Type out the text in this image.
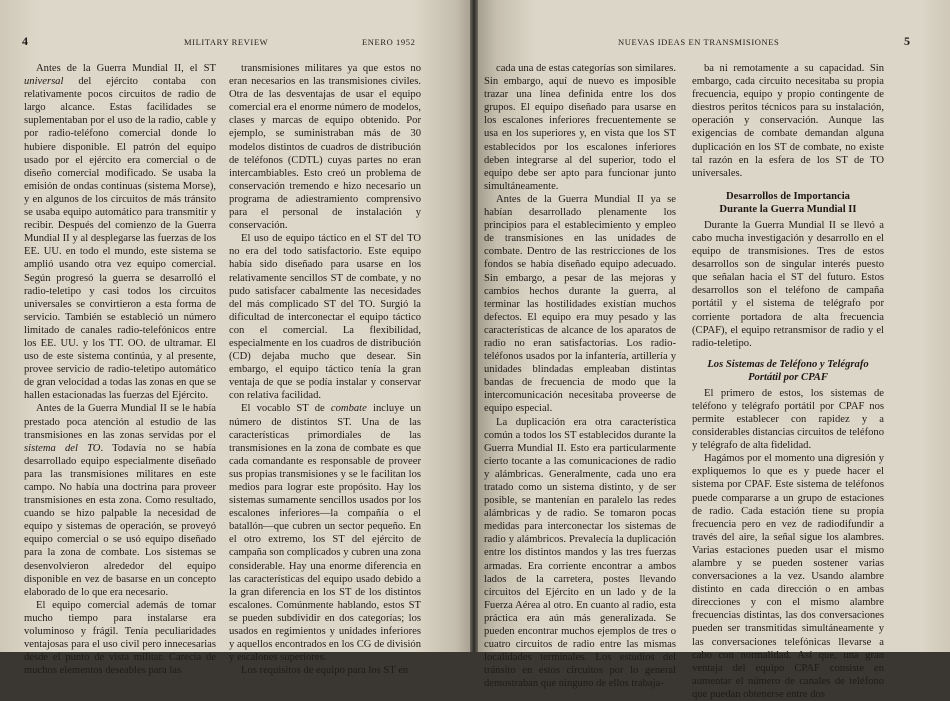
4	MILITARY REVIEW	ENERO 1952

Antes de la Guerra Mundial II, el ST universal del ejército contaba con relativamente pocos circuitos de radio de largo alcance. Estas facilidades se suplementaban por el uso de la radio, cable y por radio-teléfono comercial donde lo hubiere disponible. El patrón del equipo usado por el ejército era comercial o de diseño comercial modificado. Se usaba la emisión de ondas continuas (sistema Morse), y en algunos de los circuitos de más tránsito se usaba equipo automático para transmitir y recibir. Después del comienzo de la Guerra Mundial II y al desplegarse las fuerzas de los EE. UU. en todo el mundo, este sistema se amplió usando otra vez equipo comercial. Según progresó la guerra se desarrolló el radio-teletipo y casi todos los circuitos universales se convirtieron a esta forma de servicio. También se estableció un número limitado de canales radio-telefónicos entre los EE. UU. y los TT. OO. de ultramar. El uso de este sistema continúa, y al presente, provee servicio de radio-teletipo automático de gran velocidad a todas las zonas en que se hallen estacionadas las fuerzas del Ejército.

Antes de la Guerra Mundial II se le había prestado poca atención al estudio de las transmisiones en las zonas servidas por el sistema del TO. Todavía no se había desarrollado equipo especialmente diseñado para las transmisiones militares en este campo. No había una doctrina para proveer transmisiones en esta zona. Como resultado, cuando se hizo palpable la necesidad de equipo y sistemas de operación, se proveyó equipo comercial o se usó equipo diseñado para la zona de combate. Los sistemas se desenvolvieron alrededor del equipo disponible en vez de basarse en un concepto elaborado de lo que era necesario.

El equipo comercial además de tomar mucho tiempo para instalarse era voluminoso y frágil. Tenía peculiaridades ventajosas para el uso civil pero innecesarias desde el punto de vista militar. Carecía de muchos elementos deseables para las

transmisiones militares ya que estos no eran necesarios en las transmisiones civiles. Otra de las desventajas de usar el equipo comercial era el enorme número de modelos, clases y marcas de equipo obtenido. Por ejemplo, se suministraban más de 30 modelos distintos de cuadros de distribución de teléfonos (CDTL) cuyas partes no eran intercambiables. Esto creó un problema de conservación tremendo e hizo necesario un programa de adiestramiento comprensivo para el personal de instalación y conservación.

El uso de equipo táctico en el ST del TO no era del todo satisfactorio. Este equipo había sido diseñado para usarse en los relativamente sencillos ST de combate, y no pudo satisfacer cabalmente las necesidades del más complicado ST del TO. Surgió la dificultad de interconectar el equipo táctico con el comercial. La flexibilidad, especialmente en los cuadros de distribución (CD) dejaba mucho que desear. Sin embargo, el equipo táctico tenía la gran ventaja de que se podía instalar y conservar con relativa facilidad.

El vocablo ST de combate incluye un número de distintos ST. Una de las características primordiales de las transmisiones en la zona de combate es que cada comandante es responsable de proveer sus propias transmisiones y se le facilitan los medios para lograr este propósito. Hay los sistemas sumamente sencillos usados por los escalones inferiores—la compañía o el batallón—que cubren un sector pequeño. En el otro extremo, los ST del ejército de campaña son complicados y cubren una zona considerable. Hay una enorme diferencia en las características del equipo usado debido a la gran diferencia en los ST de los distintos escalones. Comúnmente hablando, estos ST se pueden subdividir en dos categorías; los usados en regimientos y unidades inferiores y aquellos encontrados en los CG de división y escalones superiores.

Los requisitos de equipo para los ST en

NUEVAS IDEAS EN TRANSMISIONES	5

cada una de estas categorías son similares. Sin embargo, aquí de nuevo es imposible trazar una línea definida entre los dos grupos. El equipo diseñado para usarse en los escalones inferiores frecuentemente se usa en los superiores y, en vista que los ST establecidos por los escalones inferiores deben integrarse al del superior, todo el equipo debe ser apto para funcionar junto simultáneamente.

Antes de la Guerra Mundial II ya se habían desarrollado plenamente los principios para el establecimiento y empleo de transmisiones en las unidades de combate. Dentro de las restricciones de los fondos se había diseñado equipo adecuado. Sin embargo, a pesar de las mejoras y cambios hechos durante la guerra, al terminar las hostilidades existían muchos defectos. El equipo era muy pesado y las características de alcance de los aparatos de radio no eran satisfactorias. Los radio-teléfonos usados por la infantería, artillería y unidades blindadas empleaban distintas bandas de frecuencia de modo que la intercomunicación necesitaba proveerse de equipo especial.

La duplicación era otra característica común a todos los ST establecidos durante la Guerra Mundial II. Esto era particularmente cierto tocante a las comunicaciones de radio y alámbricas. Generalmente, cada uno era tratado como un sistema distinto, y de ser posible, se mantenían en paralelo las redes alámbricas y de radio. Se tomaron pocas medidas para interconectar los sistemas de radio y alámbricos. Prevalecía la duplicación entre los distintos mandos y las tres fuerzas armadas. Era corriente encontrar a ambos lados de la carretera, postes llevando circuitos del Ejército en un lado y de la Fuerza Aérea al otro. En cuanto al radio, esta práctica era aún más generalizada. Se pueden encontrar muchos ejemplos de tres o cuatro circuitos de radio entre las mismas localidades terminales. Los estudios del tránsito en estos circuitos por lo general demostraban que ninguno de ellos trabaja-

ba ni remotamente a su capacidad. Sin embargo, cada circuito necesitaba su propia frecuencia, equipo y propio contingente de diestros peritos técnicos para su instalación, operación y conservación. Aunque las exigencias de combate demandan alguna duplicación en los ST de combate, no existe tal razón en la esfera de los ST de TO universales.

Desarrollos de Importancia
Durante la Guerra Mundial II

Durante la Guerra Mundial II se llevó a cabo mucha investigación y desarrollo en el equipo de transmisiones. Tres de estos desarrollos son de singular interés puesto que señalan hacia el ST del futuro. Estos desarrollos son el teléfono de campaña portátil y el sistema de telégrafo por corriente portadora de alta frecuencia (CPAF), el equipo retransmisor de radio y el radio-teletipo.

Los Sistemas de Teléfono y Telégrafo
Portátil por CPAF

El primero de estos, los sistemas de teléfono y telégrafo portátil por CPAF nos permite establecer con rapidez y a considerables distancias circuitos de teléfono y telégrafo de alta fidelidad.

Hagámos por el momento una digresión y expliquemos lo que es y puede hacer el sistema por CPAF. Este sistema de teléfonos puede compararse a un grupo de estaciones de radio. Cada estación tiene su propia frecuencia pero en vez de radiodifundir a través del aire, la señal sigue los alambres. Varias estaciones pueden usar el mismo alambre y se pueden sostener varias conversaciones a la vez. Usando alambre distinto en cada dirección o en ambas direcciones y con el mismo alambre frecuencias distintas, las dos conversaciones pueden ser transmitidas simultáneamente y las conversaciones telefónicas llevarse a cabo con normalidad. Así que, una gran ventaja del equipo CPAF consiste en aumentar el número de canales de teléfono que puedan obtenerse entre dos
